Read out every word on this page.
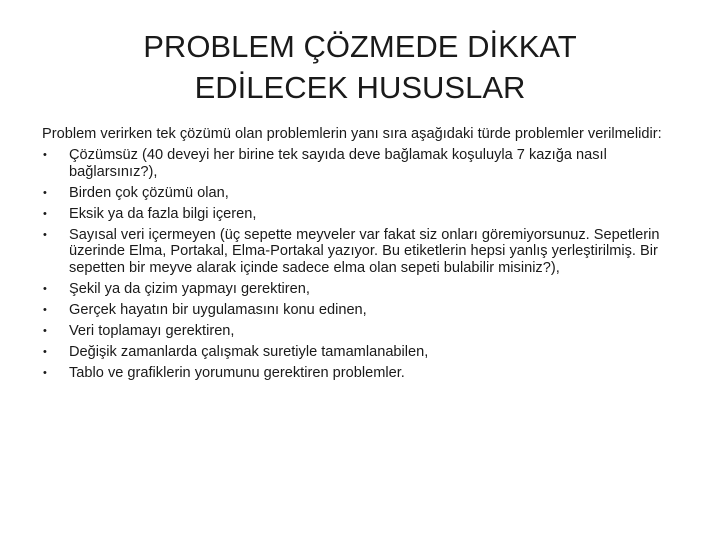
PROBLEM ÇÖZMEDE DİKKAT
EDİLECEK HUSUSLAR

Problem verirken tek çözümü olan problemlerin yanı sıra aşağıdaki türde problemler verilmelidir:

• Çözümsüz (40 deveyi her birine tek sayıda deve bağlamak koşuluyla 7 kazığa nasıl bağlarsınız?),
• Birden çok çözümü olan,
• Eksik ya da fazla bilgi içeren,
• Sayısal veri içermeyen (üç sepette meyveler var fakat siz onları göremiyorsunuz. Sepetlerin üzerinde Elma, Portakal, Elma-Portakal yazıyor. Bu etiketlerin hepsi yanlış yerleştirilmiş. Bir sepetten bir meyve alarak içinde sadece elma olan sepeti bulabilir misiniz?),
• Şekil ya da çizim yapmayı gerektiren,
• Gerçek hayatın bir uygulamasını konu edinen,
• Veri toplamayı gerektiren,
• Değişik zamanlarda çalışmak suretiyle tamamlanabilen,
• Tablo ve grafiklerin yorumunu gerektiren problemler.
